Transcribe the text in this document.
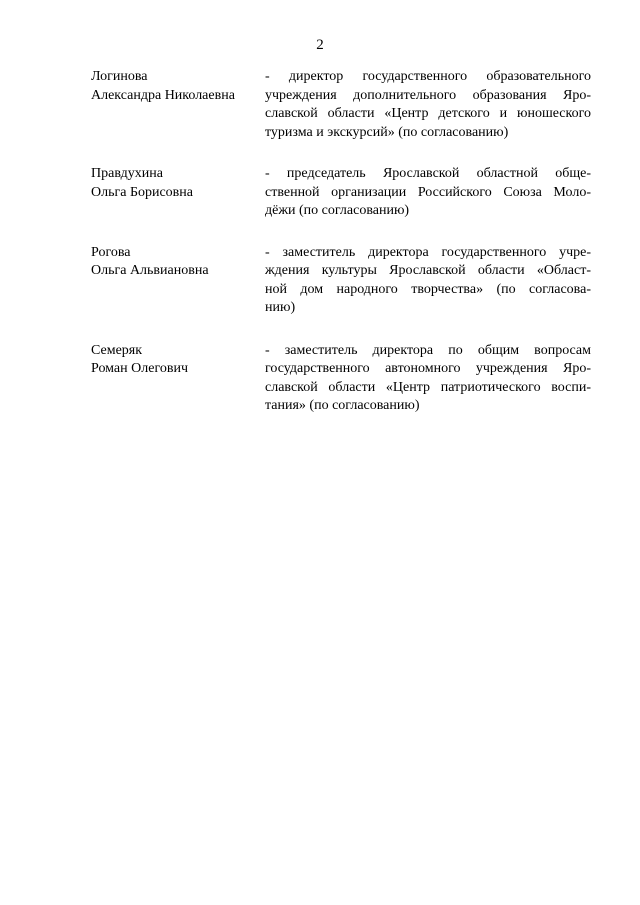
2
Логинова
Александра Николаевна
- директор государственного образовательного
учреждения дополнительного образования Яро-
славской области «Центр детского и юношеского
туризма и экскурсий» (по согласованию)
Правдухина
Ольга Борисовна
- председатель Ярославской областной обще-
ственной организации Российского Союза Моло-
дёжи (по согласованию)
Рогова
Ольга Альвиановна
- заместитель директора государственного учре-
ждения культуры Ярославской области «Област-
ной дом народного творчества» (по согласова-
нию)
Семеряк
Роман Олегович
- заместитель директора по общим вопросам
государственного автономного учреждения Яро-
славской области «Центр патриотического воспи-
тания» (по согласованию)
